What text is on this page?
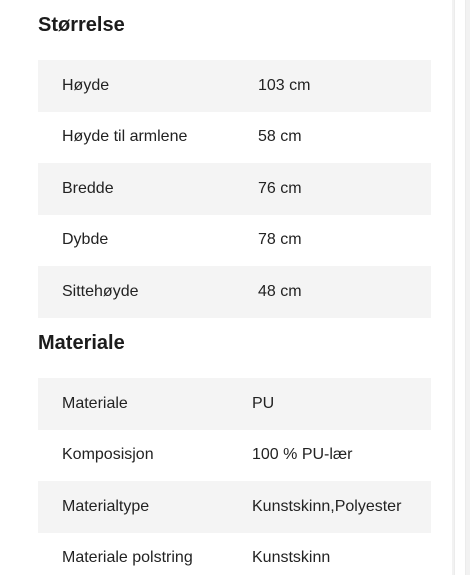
Størrelse
Høyde	103 cm
Høyde til armlene	58 cm
Bredde	76 cm
Dybde	78 cm
Sittehøyde	48 cm
Materiale
Materiale	PU
Komposisjon	100 % PU-lær
Materialtype	Kunstskinn,Polyester
Materiale polstring	Kunstskinn
